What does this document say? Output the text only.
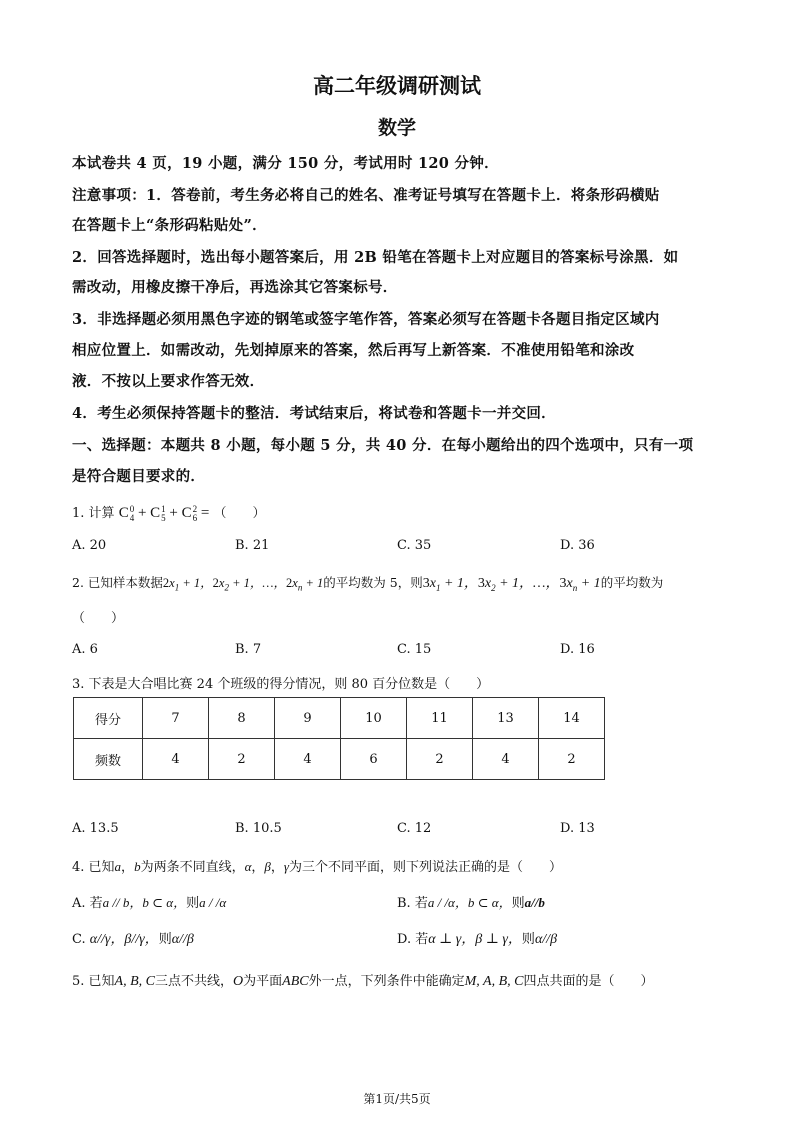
高二年级调研测试
数学
本试卷共 4 页，19 小题，满分 150 分，考试用时 120 分钟．
注意事项：1．答卷前，考生务必将自己的姓名、准考证号填写在答题卡上．将条形码横贴
在答题卡上“条形码粘贴处”．
2．回答选择题时，选出每小题答案后，用 2B 铅笔在答题卡上对应题目的答案标号涂黑．如
需改动，用橡皮擦干净后，再选涂其它答案标号．
3．非选择题必须用黑色字迹的钢笔或签字笔作答，答案必须写在答题卡各题目指定区域内
相应位置上．如需改动，先划掉原来的答案，然后再写上新答案．不准使用铅笔和涂改
液．不按以上要求作答无效．
4．考生必须保持答题卡的整洁．考试结束后，将试卷和答题卡一并交回．
一、选择题：本题共 8 小题，每小题 5 分，共 40 分．在每小题给出的四个选项中，只有一项
是符合题目要求的．
1. 计算 C0
4 + C1
5 + C2
6 = （　　）
A. 20	B. 21	C. 35	D. 36
2. 已知样本数据$2x_1 + 1$，$2x_2 + 1$，…，$2x_n + 1$的平均数为 5，则$3x_1 + 1$，$3x_2 + 1$，…，$3x_n + 1$的平均数为
（　　）
A. 6	B. 7	C. 15	D. 16
3. 下表是大合唱比赛 24 个班级的得分情况，则 80 百分位数是（　　）
得分	7	8	9	10	11	13	14
频数	4	2	4	6	2	4	2
A. 13.5	B. 10.5	C. 12	D. 13
4. 已知a，b为两条不同直线，α，β，γ为三个不同平面，则下列说法正确的是（　　）
A. 若a // b，b ⊂ α，则a / /α	B. 若a / /α，b ⊂ α，则a//b
C. α//γ，β//γ，则α//β	D. 若α ⊥ γ，β ⊥ γ，则α//β
5. 已知A, B, C三点不共线，O为平面ABC外一点，下列条件中能确定M, A, B, C四点共面的是（　　）
第1页/共5页
